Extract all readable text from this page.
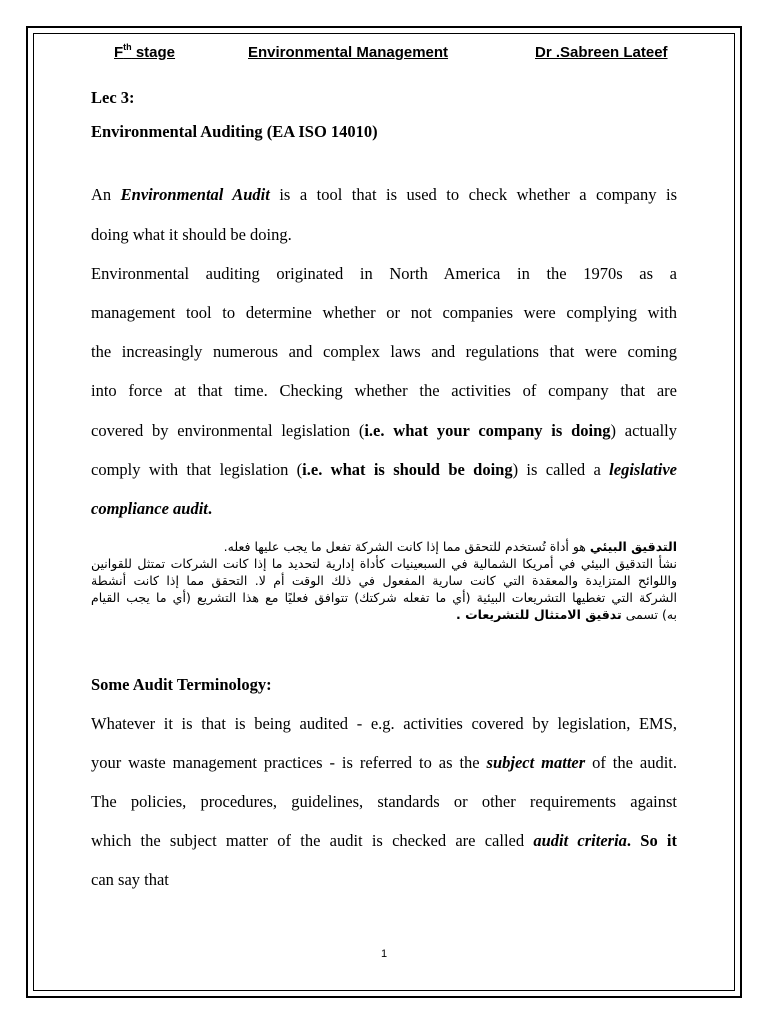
$F^{th}$ stage	Environmental Management	Dr .Sabreen Lateef
Lec 3:
Environmental Auditing (EA ISO 14010)
An Environmental Audit is a tool that is used to check whether a company is
doing what it should be doing.
Environmental auditing originated in North America in the 1970s as a
management tool to determine whether or not companies were complying with
the increasingly numerous and complex laws and regulations that were coming
into force at that time. Checking whether the activities of company that are
covered by environmental legislation (i.e. what your company is doing) actually
comply with that legislation (i.e. what is should be doing) is called a legislative
compliance audit.
التدقيق البيئي هو أداة تُستخدم للتحقق مما إذا كانت الشركة تفعل ما يجب عليها فعله.
نشأ التدقيق البيئي في أمريكا الشمالية في السبعينيات كأداة إدارية لتحديد ما إذا كانت الشركات تمتثل للقوانين
واللوائح المتزايدة والمعقدة التي كانت سارية المفعول في ذلك الوقت أم لا. التحقق مما إذا كانت أنشطة
الشركة التي تغطيها التشريعات البيئية (أي ما تفعله شركتك) تتوافق فعليًا مع هذا التشريع (أي ما يجب القيام
به) تسمى تدقيق الامتثال للتشريعات .
Some Audit Terminology:
Whatever it is that is being audited - e.g. activities covered by legislation, EMS,
your waste management practices - is referred to as the subject matter of the audit.
The policies, procedures, guidelines, standards or other requirements against
which the subject matter of the audit is checked are called audit criteria. So it
can say that
1
